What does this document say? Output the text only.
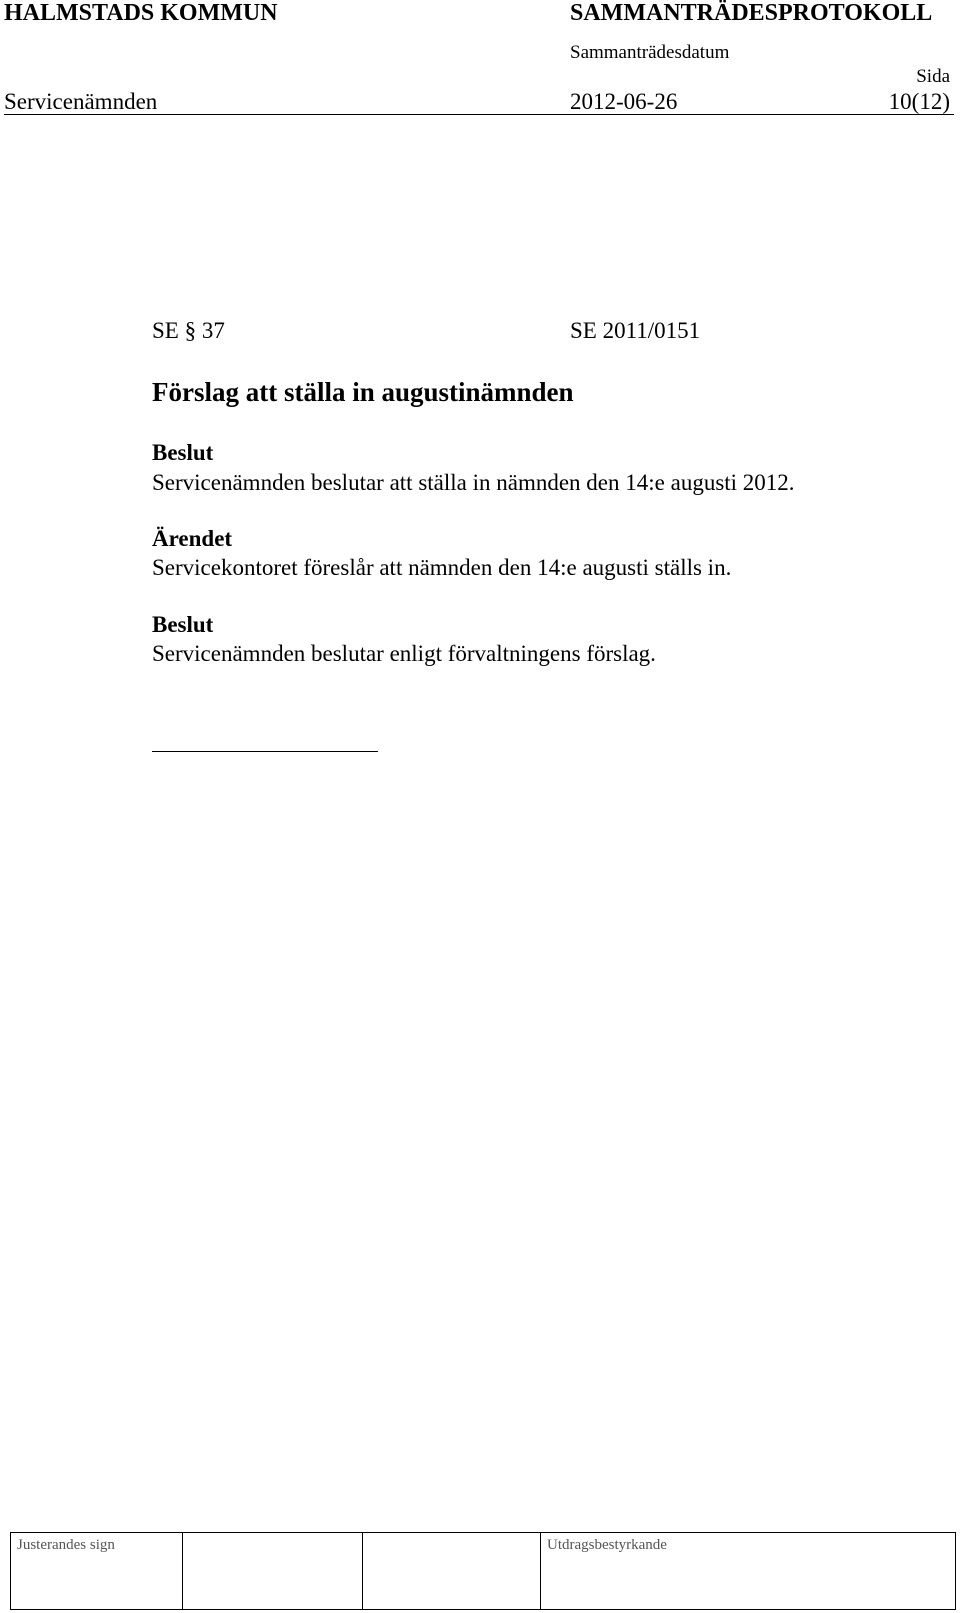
HALMSTADS KOMMUN	SAMMANTRÄDESPROTOKOLL
Sammanträdesdatum
Sida
Servicenämnden	2012-06-26	10(12)
SE § 37	SE 2011/0151
Förslag att ställa in augustinämnden
Beslut
Servicenämnden beslutar att ställa in nämnden den 14:e augusti 2012.
Ärendet
Servicekontoret föreslår att nämnden den 14:e augusti ställs in.
Beslut
Servicenämnden beslutar enligt förvaltningens förslag.
Justerandes sign			Utdragsbestyrkande
